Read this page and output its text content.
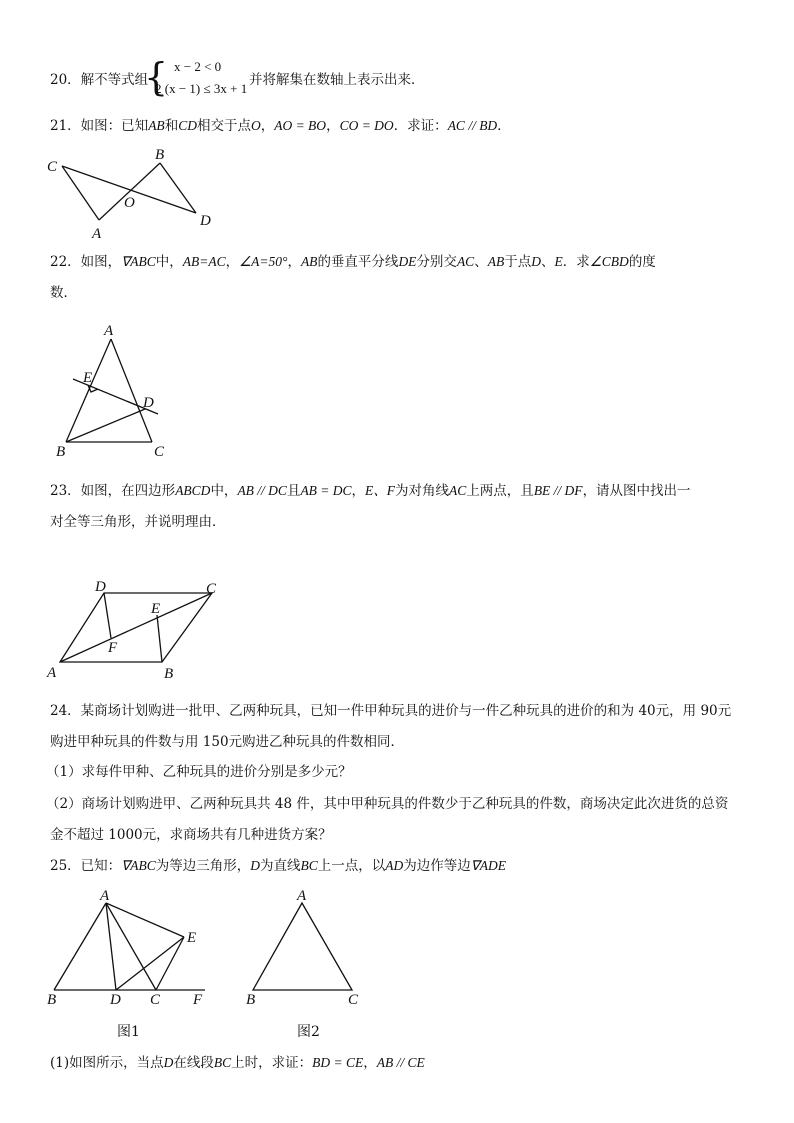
20．解不等式组
{ x − 2 < 0
2 (x − 1) ≤ 3x + 1
并将解集在数轴上表示出来．
21．如图：已知AB和CD相交于点O，AO = BO，CO = DO．求证：AC // BD．
C
B
O
A
D
22．如图，∇ABC中，AB=AC，∠A=50°，AB的垂直平分线DE分别交AC、AB于点D、E．求∠CBD的度
数．
A
E
D
B	C
23．如图，在四边形ABCD中，AB // DC且AB = DC，E、F为对角线AC上两点，且BE // DF，请从图中找出一
对全等三角形，并说明理由．
D	C
E
F
A	B
24．某商场计划购进一批甲、乙两种玩具，已知一件甲种玩具的进价与一件乙种玩具的进价的和为 40元，用 90元
购进甲种玩具的件数与用 150元购进乙种玩具的件数相同．
（1）求每件甲种、乙种玩具的进价分别是多少元？
（2）商场计划购进甲、乙两种玩具共 48 件，其中甲种玩具的件数少于乙种玩具的件数，商场决定此次进货的总资
金不超过 1000元，求商场共有几种进货方案？
25．已知：∇ABC为等边三角形，D为直线BC上一点，以AD为边作等边∇ADE
A
E
B	D C F
图1
A
B	C
图2
(1)如图所示，当点D在线段BC上时，求证：BD = CE，AB // CE
